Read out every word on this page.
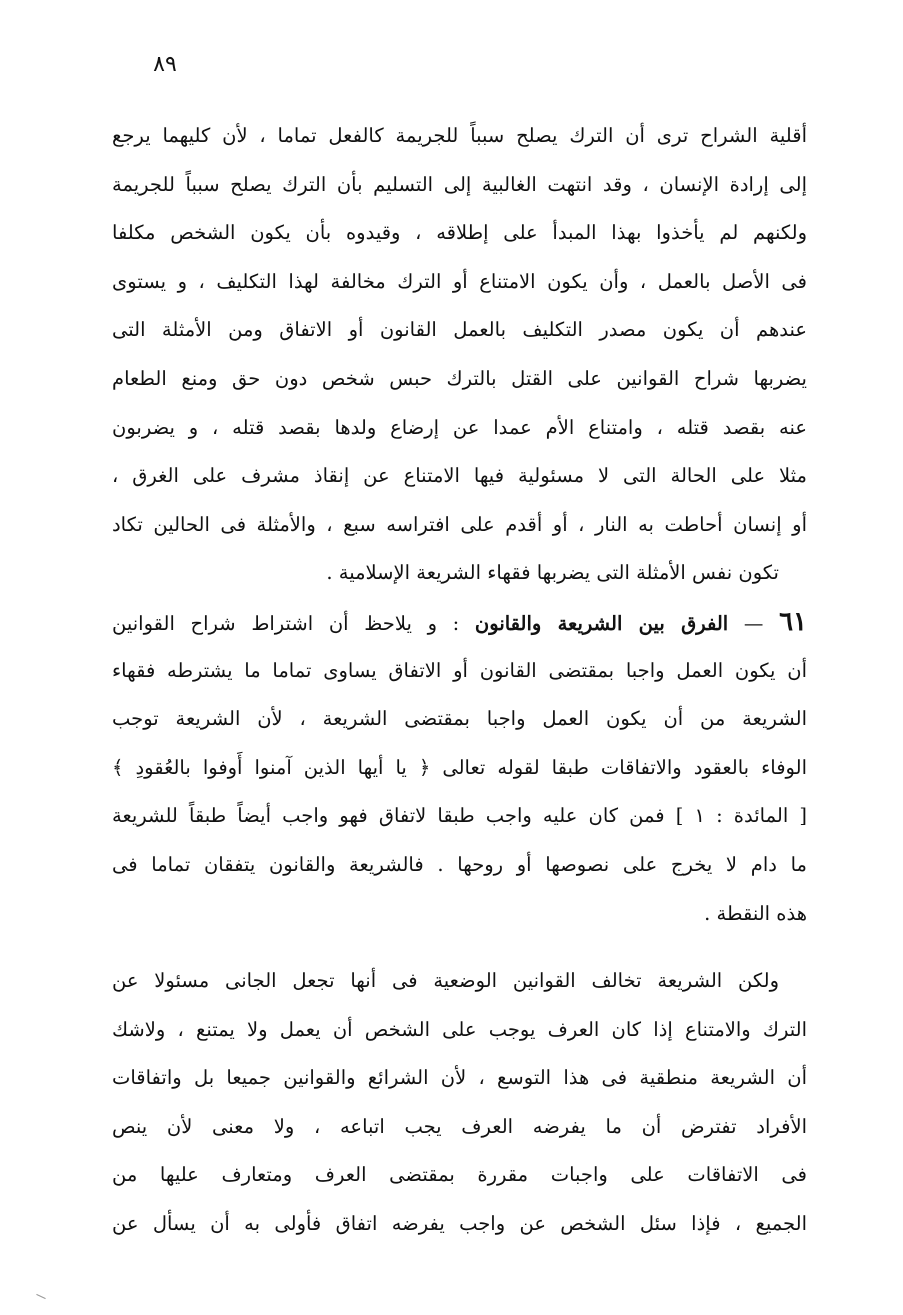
٨٩
أقلية الشراح ترى أن الترك يصلح سبباً للجريمة كالفعل تماما ، لأن كليهما يرجع
إلى إرادة الإنسان ، وقد انتهت الغالبية إلى التسليم بأن الترك يصلح سبباً للجريمة
ولكنهم لم يأخذوا بهذا المبدأ على إطلاقه ، وقيدوه بأن يكون الشخص مكلفا
فى الأصل بالعمل ، وأن يكون الامتناع أو الترك مخالفة لهذا التكليف ، و يستوى
عندهم أن يكون مصدر التكليف بالعمل القانون أو الاتفاق ومن الأمثلة التى
يضربها شراح القوانين على القتل بالترك حبس شخص دون حق ومنع الطعام
عنه بقصد قتله ، وامتناع الأم عمدا عن إرضاع ولدها بقصد قتله ، و يضربون
مثلا على الحالة التى لا مسئولية فيها الامتناع عن إنقاذ مشرف على الغرق ،
أو إنسان أحاطت به النار ، أو أقدم على افتراسه سبع ، والأمثلة فى الحالين تكاد
تكون نفس الأمثلة التى يضربها فقهاء الشريعة الإسلامية .
٦١ — الفرق بين الشريعة والقانون : و يلاحظ أن اشتراط شراح القوانين
أن يكون العمل واجبا بمقتضى القانون أو الاتفاق يساوى تماما ما يشترطه فقهاء
الشريعة من أن يكون العمل واجبا بمقتضى الشريعة ، لأن الشريعة توجب
الوفاء بالعقود والاتفاقات طبقا لقوله تعالى ﴿ يا أيها الذين آمنوا أَوفوا بالعُقودِ ﴾
[ المائدة : ١ ] فمن كان عليه واجب طبقا لاتفاق فهو واجب أيضاً طبقاً للشريعة
ما دام لا يخرج على نصوصها أو روحها . فالشريعة والقانون يتفقان تماما فى
هذه النقطة .
ولكن الشريعة تخالف القوانين الوضعية فى أنها تجعل الجانى مسئولا عن
الترك والامتناع إذا كان العرف يوجب على الشخص أن يعمل ولا يمتنع ، ولاشك
أن الشريعة منطقية فى هذا التوسع ، لأن الشرائع والقوانين جميعا بل واتفاقات
الأفراد تفترض أن ما يفرضه العرف يجب اتباعه ، ولا معنى لأن ينص
فى الاتفاقات على واجبات مقررة بمقتضى العرف ومتعارف عليها من
الجميع ، فإذا سئل الشخص عن واجب يفرضه اتفاق فأولى به أن يسأل عن
